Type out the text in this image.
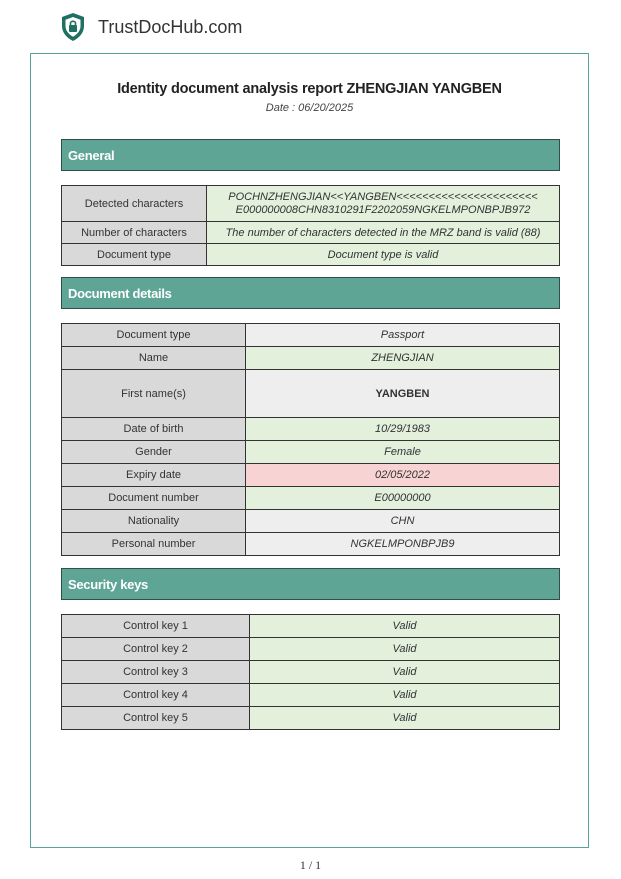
TrustDocHub.com
Identity document analysis report ZHENGJIAN YANGBEN
Date : 06/20/2025
General
Detected characters	POCHNZHENGJIAN<<YANGBEN<<<<<<<<<<<<<<<<<<<<<<
E000000008CHN8310291F2202059NGKELMPONBPJB972

Number of characters	The number of characters detected in the MRZ band is valid (88)
Document type	Document type is valid
Document details
Document type	Passport
Name	ZHENGJIAN
First name(s)	YANGBEN
Date of birth	10/29/1983
Gender	Female
Expiry date	02/05/2022
Document number	E00000000
Nationality	CHN
Personal number	NGKELMPONBPJB9
Security keys
Control key 1	Valid
Control key 2	Valid
Control key 3	Valid
Control key 4	Valid
Control key 5	Valid
1 / 1
